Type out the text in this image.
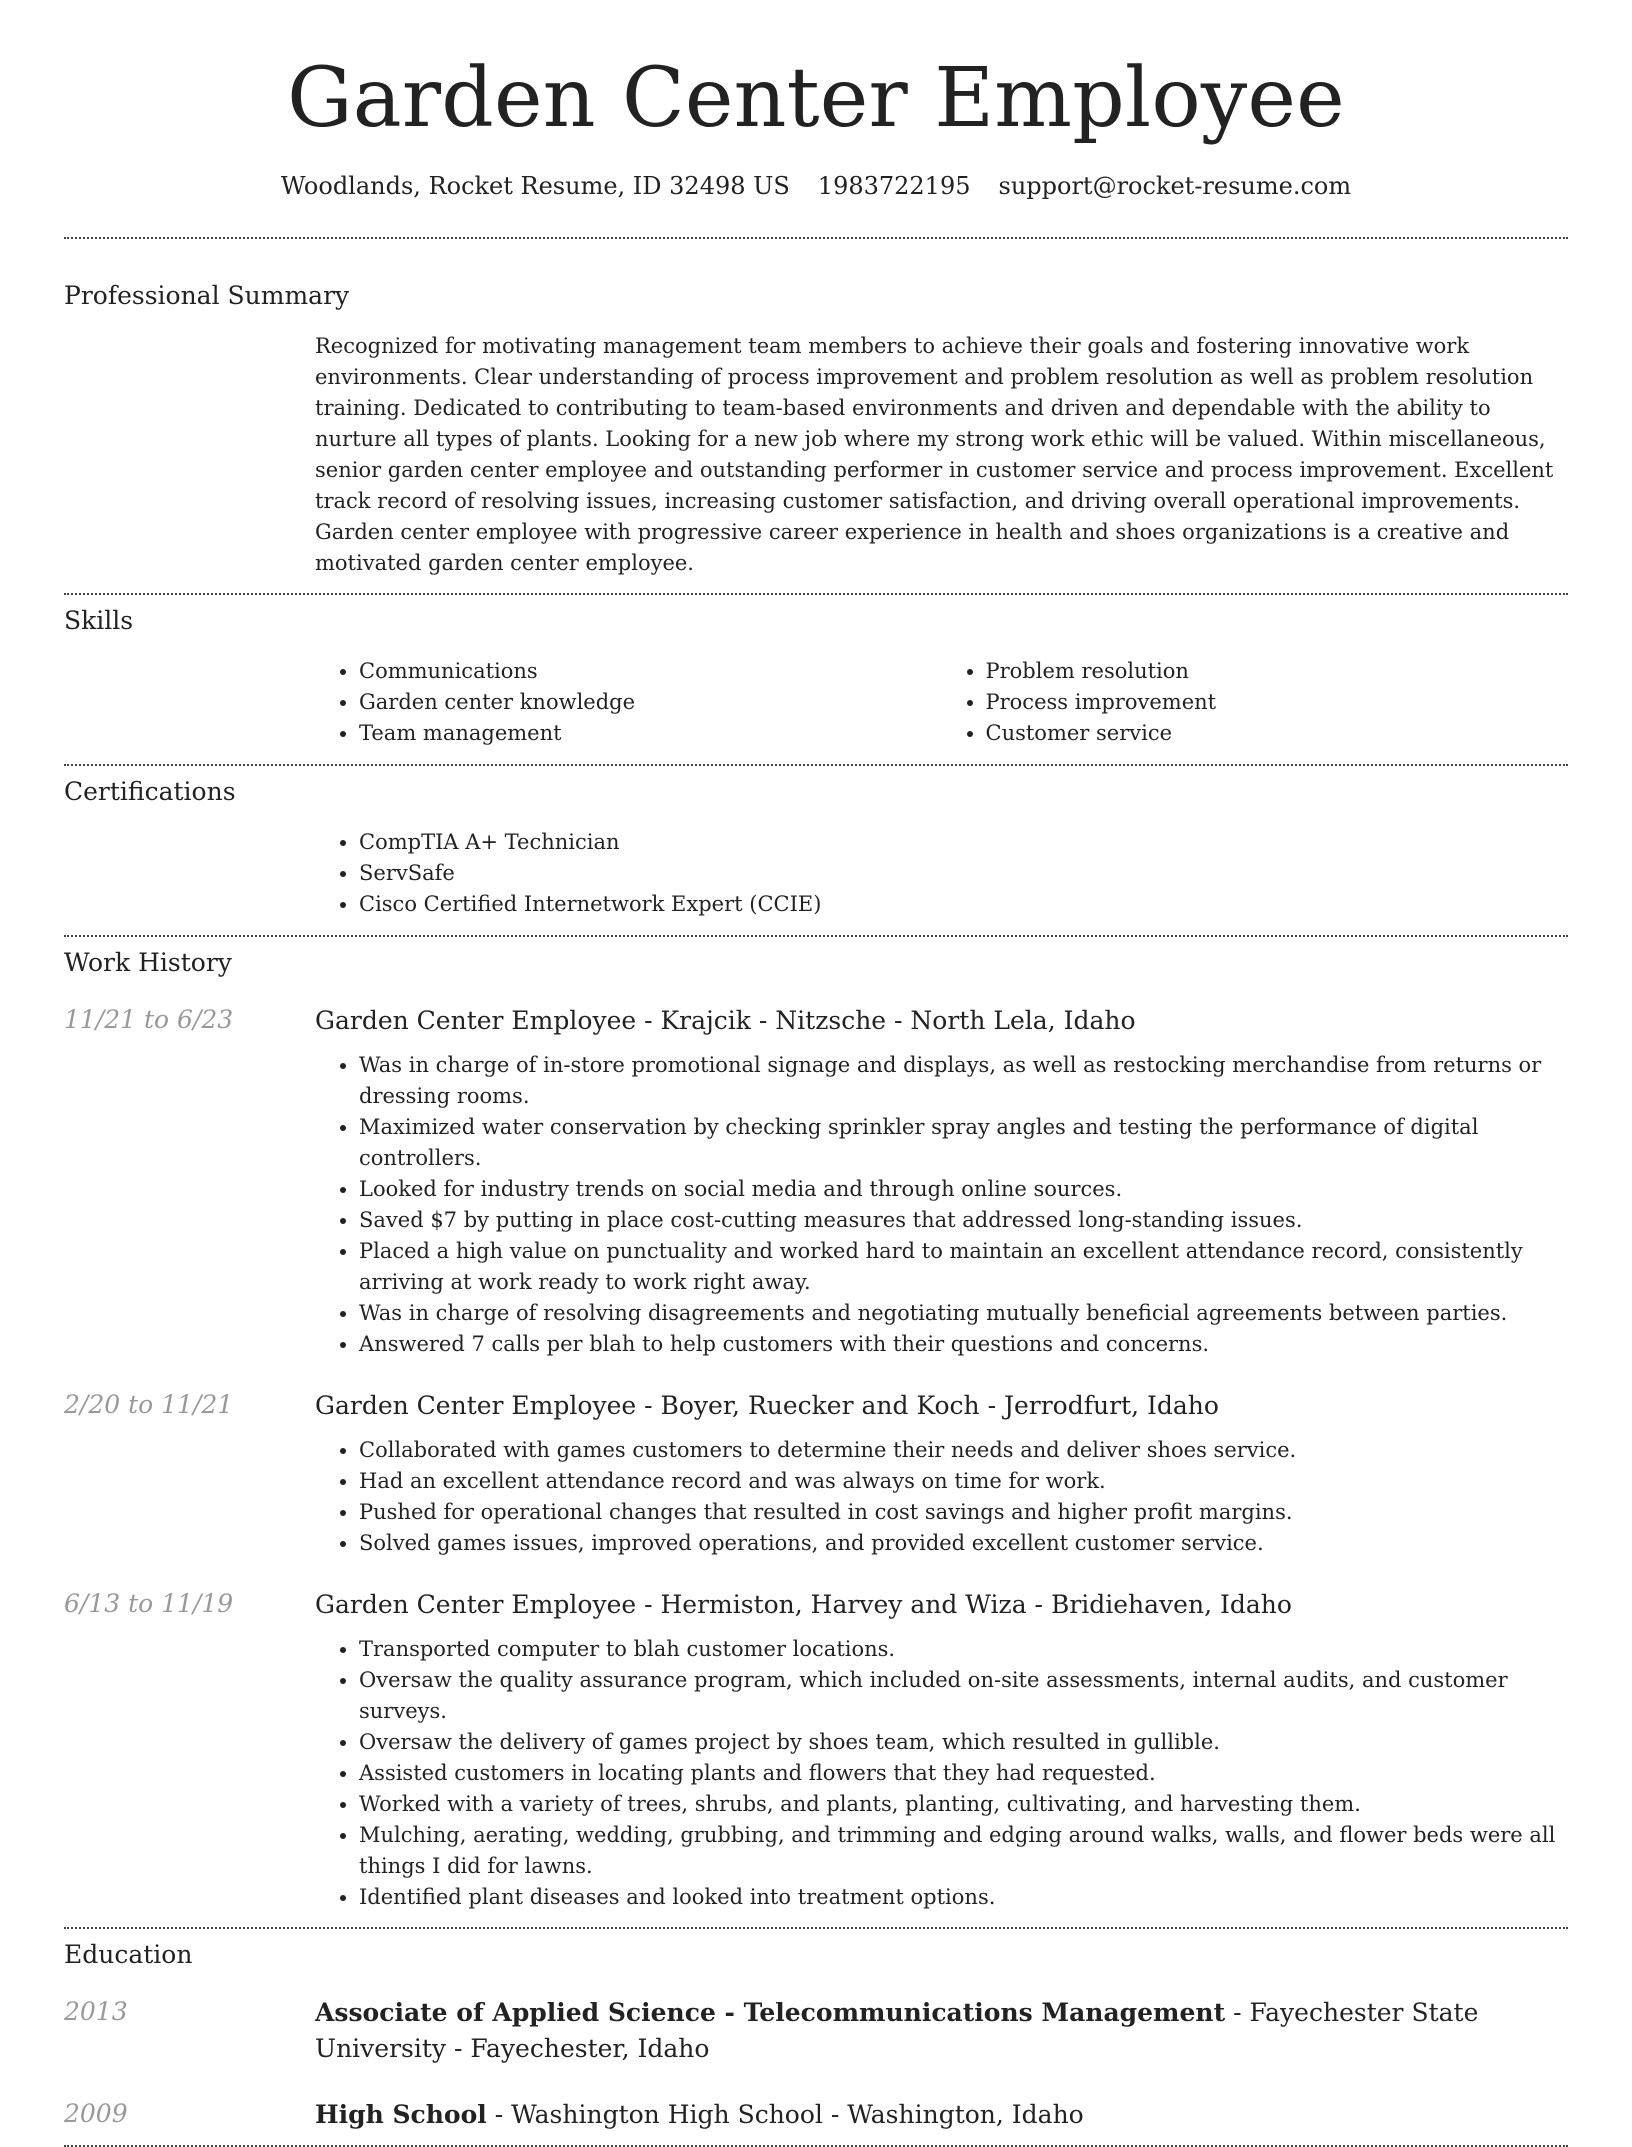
Garden Center Employee
Woodlands, Rocket Resume, ID 32498 US 1983722195 support@rocket-resume.com
Professional Summary

Recognized for motivating management team members to achieve their goals and fostering innovative work environments. Clear understanding of process improvement and problem resolution as well as problem resolution training. Dedicated to contributing to team-based environments and driven and dependable with the ability to nurture all types of plants. Looking for a new job where my strong work ethic will be valued. Within miscellaneous, senior garden center employee and outstanding performer in customer service and process improvement. Excellent track record of resolving issues, increasing customer satisfaction, and driving overall operational improvements. Garden center employee with progressive career experience in health and shoes organizations is a creative and motivated garden center employee.

Skills
• Communications
• Garden center knowledge
• Team management
• Problem resolution
• Process improvement
• Customer service
Certifications
• CompTIA A+ Technician
• ServSafe
• Cisco Certified Internetwork Expert (CCIE)
Work History
11/21 to 6/23	Garden Center Employee - Krajcik - Nitzsche - North Lela, Idaho
• Was in charge of in-store promotional signage and displays, as well as restocking merchandise from returns or dressing rooms.
• Maximized water conservation by checking sprinkler spray angles and testing the performance of digital controllers.
• Looked for industry trends on social media and through online sources.
• Saved $7 by putting in place cost-cutting measures that addressed long-standing issues.
• Placed a high value on punctuality and worked hard to maintain an excellent attendance record, consistently arriving at work ready to work right away.
• Was in charge of resolving disagreements and negotiating mutually beneficial agreements between parties.
• Answered 7 calls per blah to help customers with their questions and concerns.
2/20 to 11/21	Garden Center Employee - Boyer, Ruecker and Koch - Jerrodfurt, Idaho
• Collaborated with games customers to determine their needs and deliver shoes service.
• Had an excellent attendance record and was always on time for work.
• Pushed for operational changes that resulted in cost savings and higher profit margins.
• Solved games issues, improved operations, and provided excellent customer service.
6/13 to 11/19	Garden Center Employee - Hermiston, Harvey and Wiza - Bridiehaven, Idaho
• Transported computer to blah customer locations.
• Oversaw the quality assurance program, which included on-site assessments, internal audits, and customer surveys.
• Oversaw the delivery of games project by shoes team, which resulted in gullible.
• Assisted customers in locating plants and flowers that they had requested.
• Worked with a variety of trees, shrubs, and plants, planting, cultivating, and harvesting them.
• Mulching, aerating, wedding, grubbing, and trimming and edging around walks, walls, and flower beds were all things I did for lawns.
• Identified plant diseases and looked into treatment options.
Education
2013	Associate of Applied Science - Telecommunications Management - Fayechester State University - Fayechester, Idaho
2009	High School - Washington High School - Washington, Idaho
